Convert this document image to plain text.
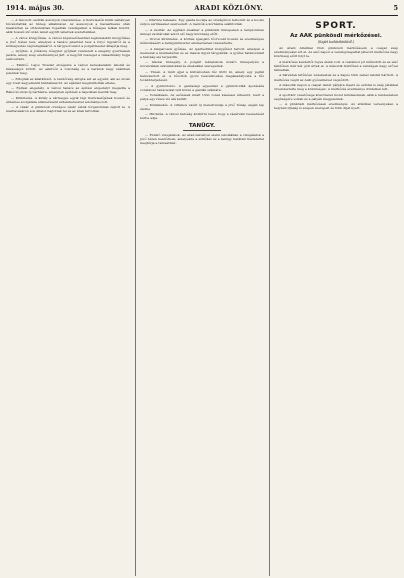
1914. május 30.	ARADI KÖZLÖNY.	5

— A távozott osztrák aszonyok visszatérése. A tisztviselők közül néhányan búcsúztatták az ünnep alkalmával. Az asszonyok a hazaérkezés után hazatértek és otthonukban fogadták vendégeiket a hűséges lelkek között, akik hosszú idő után ismét együtt lehettek szeretteikkel.

— A város közgyűlése. A városi képviselőtestület legközelebbi közgyűlése a jövő héten lesz, amelyen a tanács jelentést tesz a folyó ügyekről és a költségvetés végrehajtásáról. A tárgysorozatot a polgármester állapítja meg.

— Gyűjtés. A jótékony nőegylet gyűjtést rendezett a szegény gyermekek javára, amely szép eredménnyel járt. A begyűlt összeget a választmány fogja szétosztani.

— Esküvő. Lajos Tivadar elvégezte a városi kereskedelmi iskolát és házasságot kötött. Az esküvőn a rokonság és a barátok nagy számban jelentek meg.

— Elfogták az állatkínzót. A rendőrség elfogta azt az egyént, aki az utcán egy lovat kegyetlenül bántalmazott. Az eljárást megindították ellene.

— Építési engedély. A városi tanács az építési engedélyt megadta a Rákóczi-utcai új bérházra, amelynek építését a napokban kezdik meg.

— Kitüntetés. A király a vármegye egyik régi tisztviselőjének hosszú és érdemes szolgálata elismeréséül érdemkeresztet adományozott.

— A vásár. A pünkösdi országos vásár élénk forgalommal zajlott le. A marhavásáron sok állatot hajtottak fel és az árak tartottak.

— Különös balesete. Egy gazda kocsija az országúton felborult és a kocsis súlyos sérüléseket szenvedett. A mentők a kórházba szállították.

— A zsoltár. Az egyházi énekkar a pünkösdi ünnepeken a templomban ünnepi zsoltárokat adott elő nagy közönség előtt.

— Orvosi kitüntetés. A kórház igazgató főorvosát hosszú és eredményes működéséért a belügyminiszter elismerésben részesítette.

— A kisiparosok gyűlése. Az ipartestület közgyűlést tartott, amelyen a mesterek a munkabérek és az inasok ügyét tárgyalták. A gyűlés határozatait a hatóság elé terjesztik.

— Iskolai ünnepély. A polgári leányiskola évzáró ünnepélyén a növendékek szavalatokkal és énekekkel szerepeltek.

— Tüzek. A múlt éjjel a külvárosban tűz ütött ki, amely egy pajtát hamvasztott el. A tűzoltók gyors beavatkozása megakadályozta a tűz továbbterjedését.

— A gyümölcsös. A gazdasági egyesület a gyümölcsfák ápolására vonatkozó tanácsokat tett közzé a gazdák számára.

— Vonatkésés. Az esőzések miatt több vonat késéssel érkezett, mert a pálya egy része víz alá került.

— Közlekedés. A villamos vasút új menetrendje a jövő hónap elején lép életbe.

— Hirdetés. A városi hatóság közhírré teszi, hogy a vásárvám beszedését bérbe adja.

TANÜGY.

— Évzáró vizsgálatok. Az arad-belvárosi elemi iskolákban a vizsgálatok a jövő héten kezdődnek, amelyekre a szülőket és a tanügy barátait tisztelettel meghívja a tantestület.

SPORT.
Az AAK pünkösdi mérkőzései.
(Saját tudósítónktól.)

Az Aradi Atlétikai Club pünkösdi mérkőzésein a csapat szép eredményeket ért el. Az első napon a vendégcsapattal játszott mérkőzés nagy közönség előtt folyt le.

A mérkőzés kezdettől fogva élénk volt. A csatársor jól működött és az első félidőben már két gólt értek el. A második félidőben a vendégek nagy erővel támadtak.

A hátvédek kitűnően védekeztek és a kapus több nehéz labdát hárított. A mérkőzés végül az AAK győzelmével végződött.

A második napon a csapat ismét pályára lépett és ezúttal is szép játékkal örvendeztette meg a közönséget. A mérkőzés eredménye döntetlen lett.

A sportkör vezetősége köszönetet mond mindazoknak, akik a rendezésben segítségére voltak és a pályán megjelentek.

— A pünkösdi mérkőzések eredményei. Az atlétikai versenyeken a helybeli ifjúság is szépen szerepelt és több díjat nyert.
